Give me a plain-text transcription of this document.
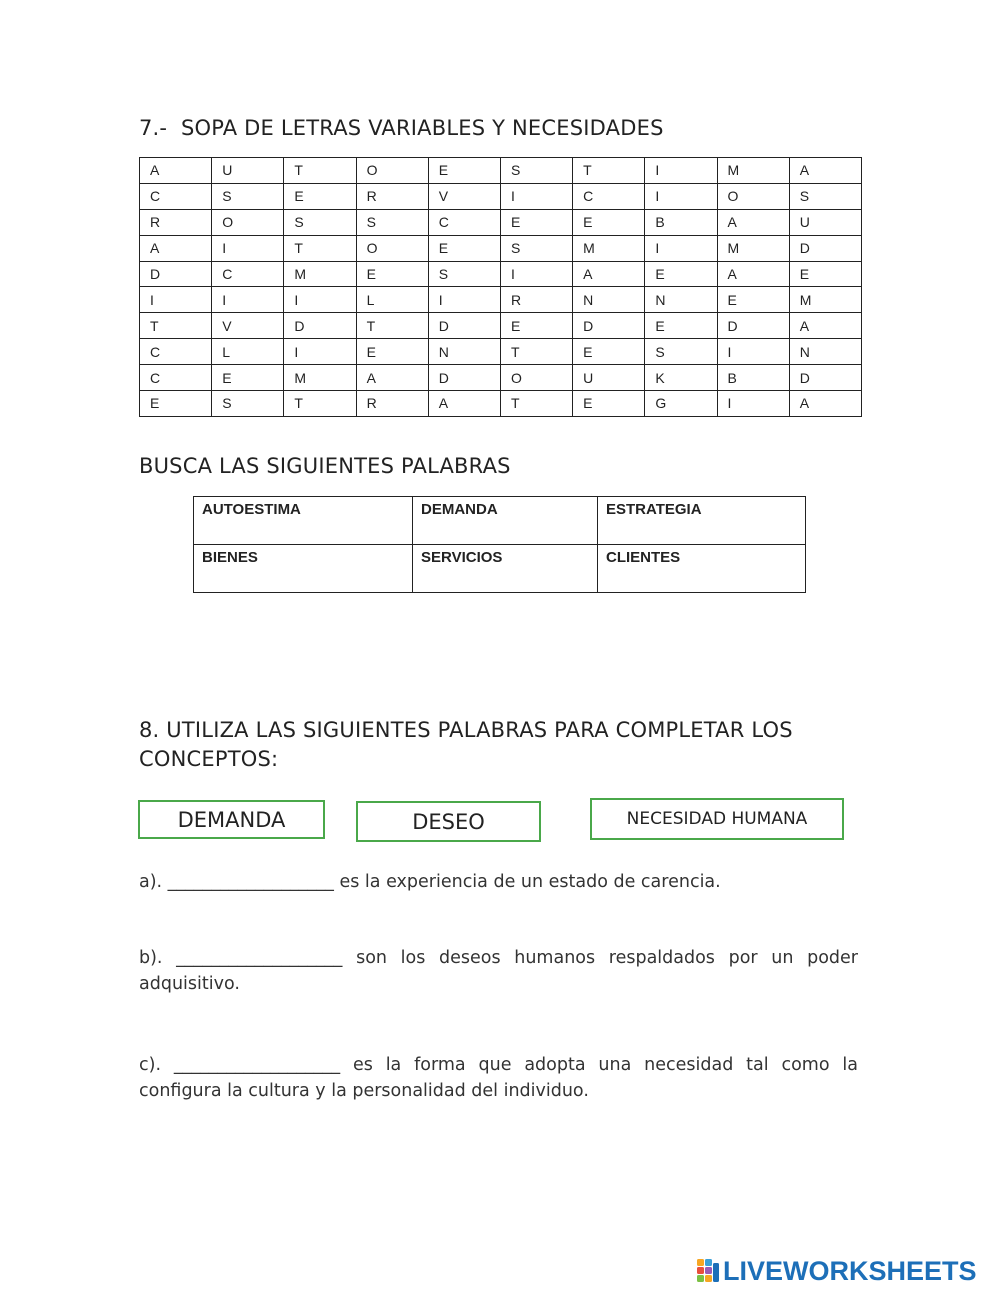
7.-  SOPA DE LETRAS VARIABLES Y NECESIDADES
A	U	T	O	E	S	T	I	M	A
C	S	E	R	V	I	C	I	O	S
R	O	S	S	C	E	E	B	A	U
A	I	T	O	E	S	M	I	M	D
D	C	M	E	S	I	A	E	A	E
I	I	I	L	I	R	N	N	E	M
T	V	D	T	D	E	D	E	D	A
C	L	I	E	N	T	E	S	I	N
C	E	M	A	D	O	U	K	B	D
E	S	T	R	A	T	E	G	I	A
BUSCA LAS SIGUIENTES PALABRAS
AUTOESTIMA	DEMANDA	ESTRATEGIA
BIENES	SERVICIOS	CLIENTES
8. UTILIZA LAS SIGUIENTES PALABRAS PARA COMPLETAR LOS CONCEPTOS:
DEMANDA	DESEO	NECESIDAD HUMANA
a). ___________________ es la experiencia de un estado de carencia.
b). ___________________ son los deseos humanos respaldados por un poder adquisitivo.
c). ___________________ es la forma que adopta una necesidad tal como la configura la cultura y la personalidad del individuo.
LIVEWORKSHEETS
